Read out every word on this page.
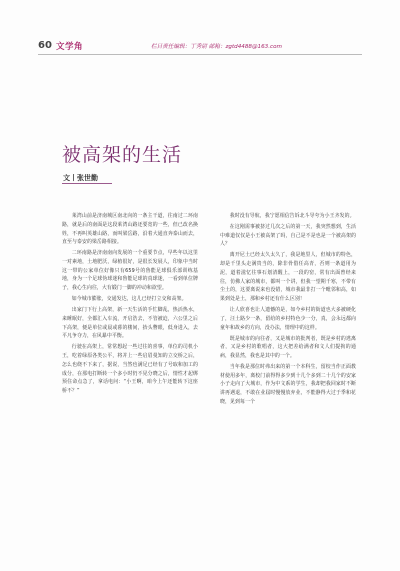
60 文学角	栏目责任编辑：丁秀尉 邮箱：zgtd4488@163.com
被高架的生活
文丨张世勤

莱湾山前是济南城区南北向的一条主干道，往南过二环南路，就是后的南面是这段莱湾山路还要宽的一些，但已改名换姓，不再叫英雄山路，而叫梁岳路，沿着大通直奔泰山而去，直至与泰安的梁岳路相接。

二环南路是济南南向发展的一个重要节点，早些年以这里一对素地，土地肥沃，绿植很好，是很长发展人，印象中当时这一带的公家单位好像只有659号的鲁能足球俱乐部训练基地，身为一个足球伪球迷和鲁能足球的真球迷，一看到单位牌子，我心生向往，大有锻门一脚的冲动和欲望。

如今城市膨胀，交通发达，这儿已经打立交和高架。

出家门下行上高架，新一天生活的手忙脚乱，热活热水，来睡眠好，全都汇入车流，开启浩去，不管被迫，六公里之后下高架，便是单位或晨或暮的楼间，抬头瞥眼，低身进入，去平凡争夺力，在风暴中平衡。

行驶在高架上，常常想起一些过往的喜事，单位的司机小王，吃着绿原各类公平，将并上一些启眉曼知的立交桥之后，怎么也绕不下来了，据说，当然也满足已经有了号取和加工的成分，在那电打断转一个多小时仍不见分晓之后，情性才起绑预住命点急了，拿话电问：“小王啊，咱今上午还能转下这座桥不？”

我时没有导航，我宁愿相信告诉北斗导夸为小王齐发的。

在这刚需事被挤过几次之后的第一天，我突然想到，生活中难道仅仅是小王被高架了吗，自己是不是也是一个被高架的人？

离开尼土已经太久太久了，我是地里人，但城市的特色，却是千里头走满贵当的，除非骨借任高青，否则一条道用为泥，道着滋忆往事石划清醒上，一段的窑，常有出面曾经来往，仿佛人家的城市，都叫一个讲，但我一望期千寒，不带有尘土的，这要离说来也没错，城市我最非打一个毗邻和高，如果到处是土，那和乡村还有什么区别！

让人欣喜也让人遗憾的是，如今乡村的街道也大多被硬化了，汪土路少一条，留给的乡村特色少一分，真，会永远都向童年和故乡的方向，没办法，情理中的这样。

既是城市的向往者，又是城市的批判者，既是乡村的逃离者，又是乡村的歌唱者，这大把差给满者和文人们提拘的通病，我显然，我也是其中的一个。

当年我是那位时弗出来的第一个本科生，留校当作正面教材使用多年，离校门前得得多少到十几个多到二十几个的安家小子走向了大城市，作为中文系的学生，我却把我回家时不断讲再遇退，不敢在业届时慢慢放弃业，不能静得大过于季和花晓，见到每一个
